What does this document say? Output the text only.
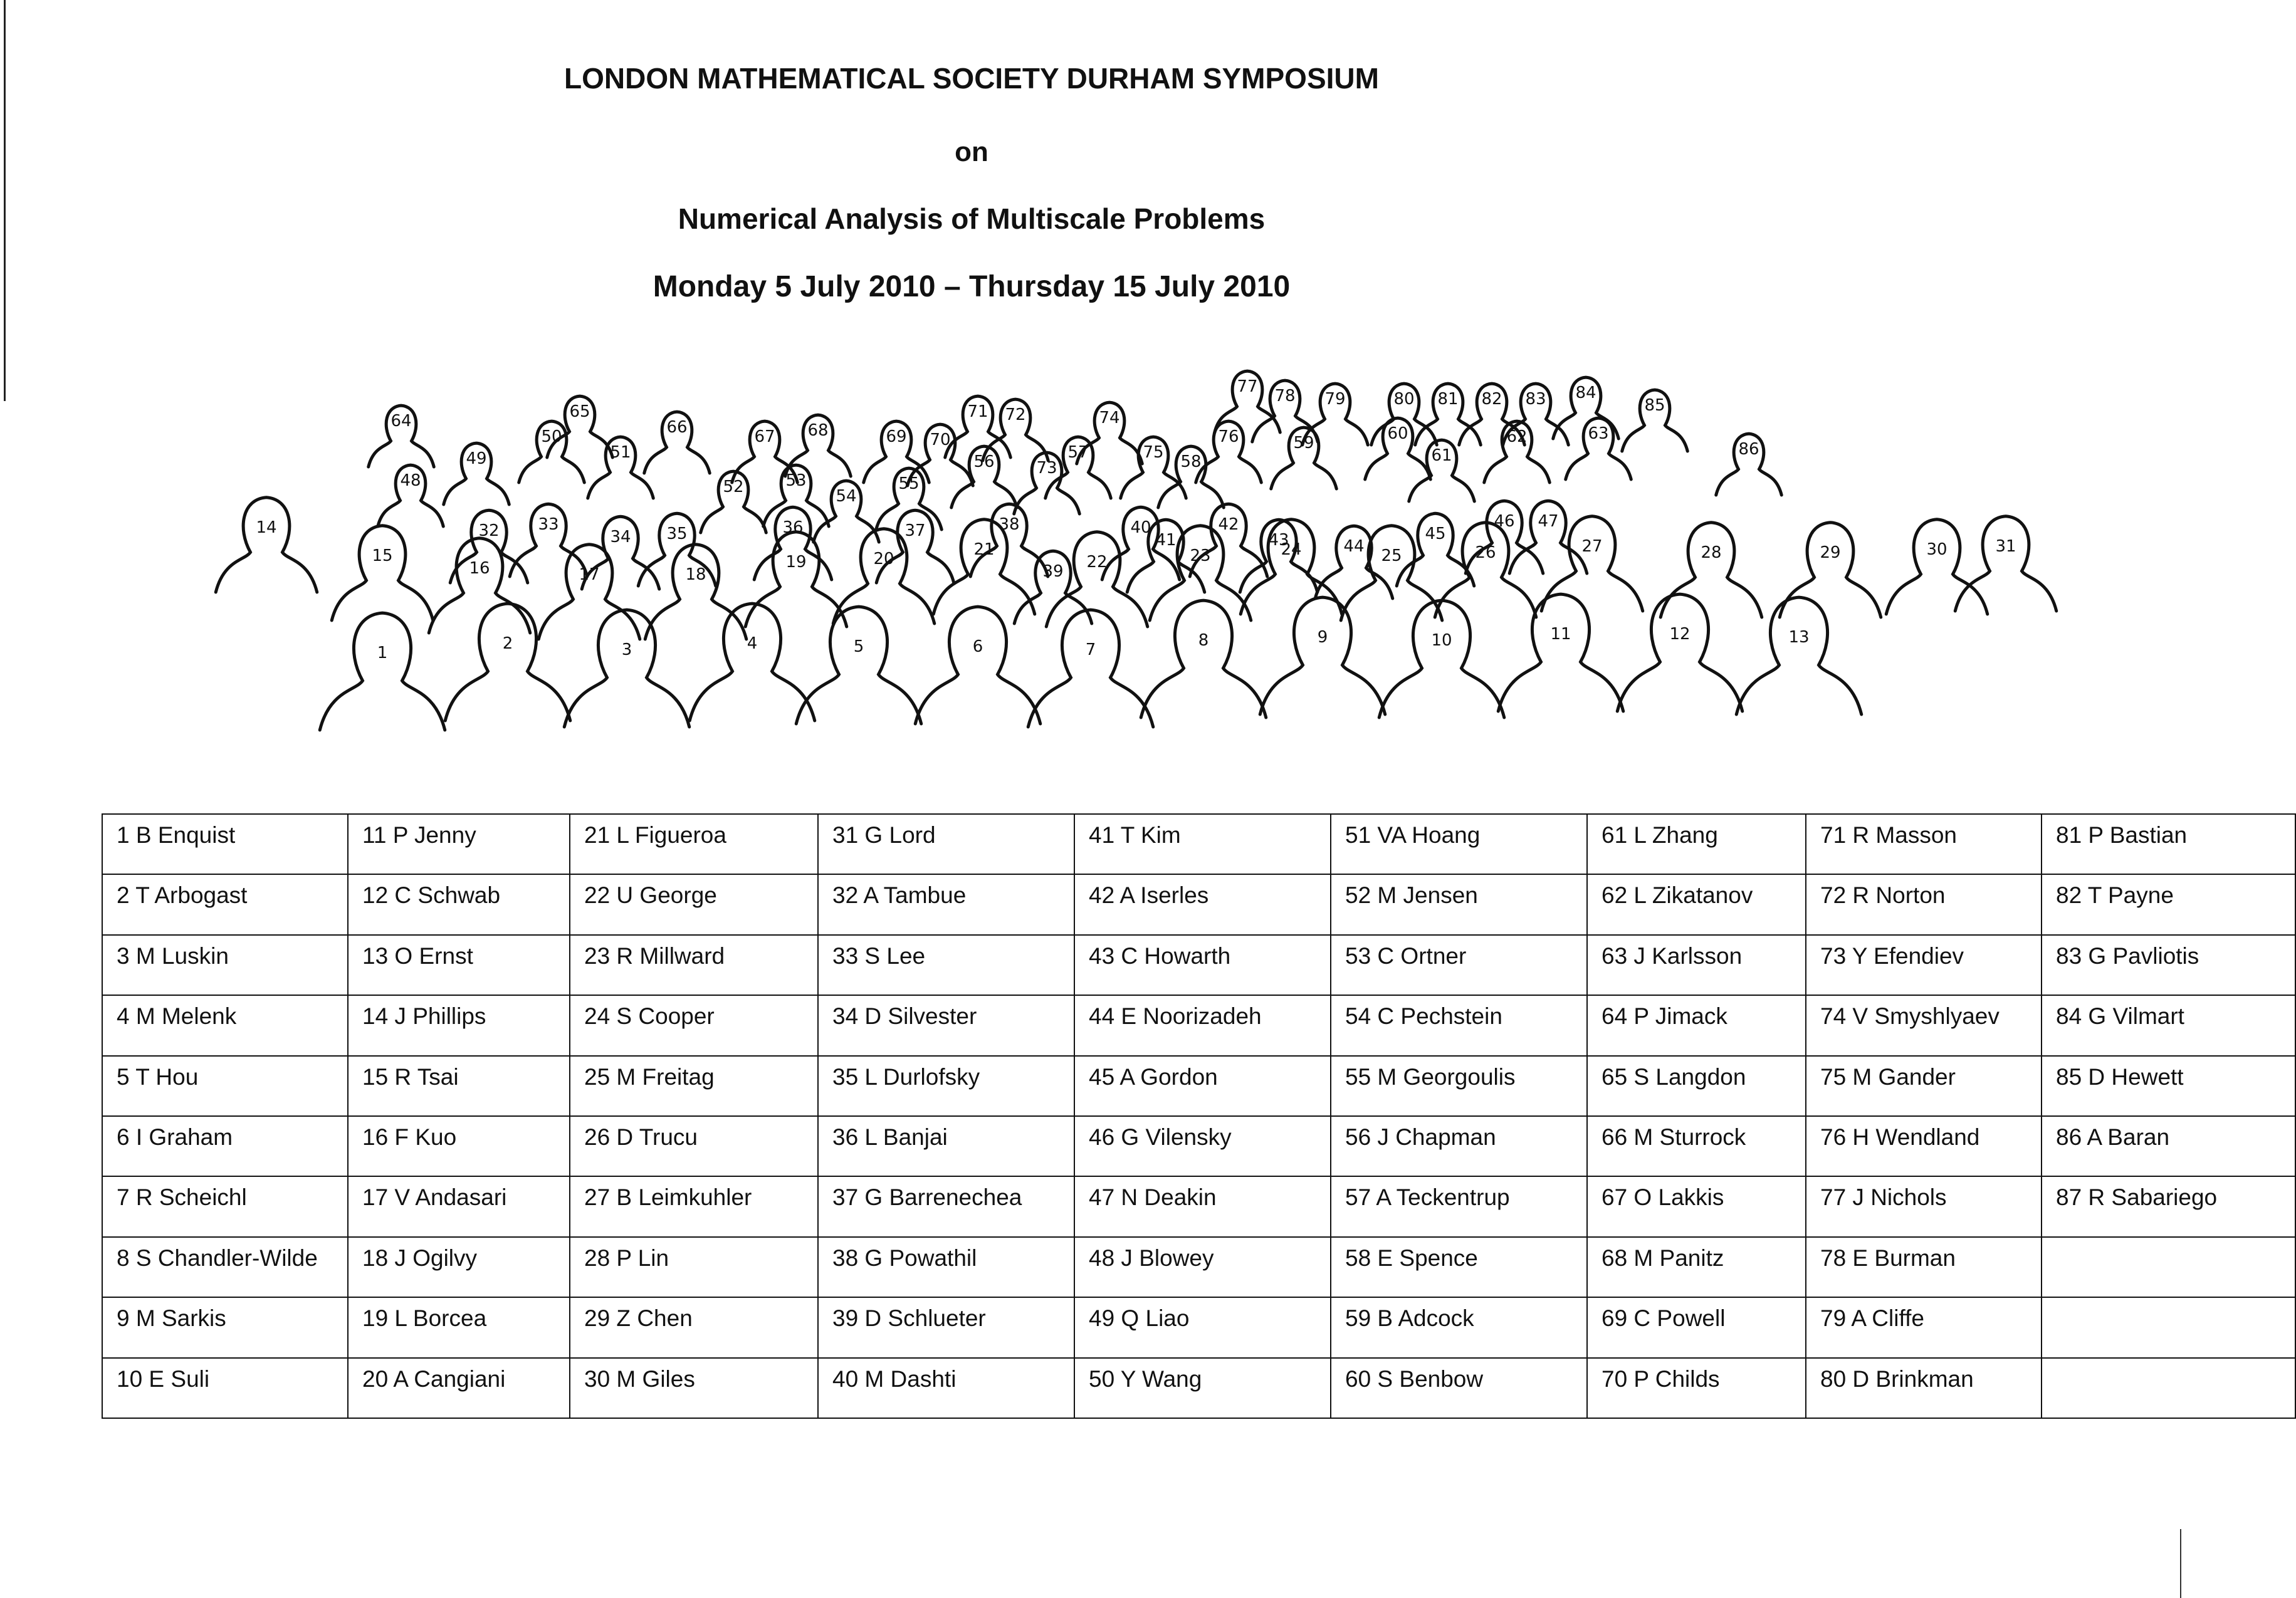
LONDON MATHEMATICAL SOCIETY DURHAM SYMPOSIUM
on
Numerical Analysis of Multiscale Problems
Monday 5 July 2010 – Thursday 15 July 2010
1	2	3	4	5	6	7	8	9	10	11	12	13
14
15
16	17	18
19	20	21
22	23	24	25	26	27	28	29	30	31
32 33
34 35	36	37	38
39
40
41
42
43	44
45
46 47
48
49
50
51
52	53
54
55
56	57	58
59	60
61
62	63
64	65
66	67 68	69 70
71 72
73
74
75
76
77 78 79	80 81 82 83 84
85
86
1 B Enquist	11 P Jenny	21 L Figueroa	31 G Lord	41 T Kim	51 VA Hoang	61 L Zhang	71 R Masson	81 P Bastian
2 T Arbogast	12 C Schwab	22 U George	32 A Tambue	42 A Iserles	52 M Jensen	62 L Zikatanov	72 R Norton	82 T Payne
3 M Luskin	13 O Ernst	23 R Millward	33 S Lee	43 C Howarth	53 C Ortner	63 J Karlsson	73 Y Efendiev	83 G Pavliotis
4 M Melenk	14 J Phillips	24 S Cooper	34 D Silvester	44 E Noorizadeh	54 C Pechstein	64 P Jimack	74 V Smyshlyaev	84 G Vilmart
5 T Hou	15 R Tsai	25 M Freitag	35 L Durlofsky	45 A Gordon	55 M Georgoulis	65 S Langdon	75 M Gander	85 D Hewett
6 I Graham	16 F Kuo	26 D Trucu	36 L Banjai	46 G Vilensky	56 J Chapman	66 M Sturrock	76 H Wendland	86 A Baran
7 R Scheichl	17 V Andasari	27 B Leimkuhler	37 G Barrenechea	47 N Deakin	57 A Teckentrup	67 O Lakkis	77 J Nichols	87 R Sabariego
8 S Chandler-Wilde	18 J Ogilvy	28 P Lin	38 G Powathil	48 J Blowey	58 E Spence	68 M Panitz	78 E Burman	
9 M Sarkis	19 L Borcea	29 Z Chen	39 D Schlueter	49 Q Liao	59 B Adcock	69 C Powell	79 A Cliffe	
10 E Suli	20 A Cangiani	30 M Giles	40 M Dashti	50 Y Wang	60 S Benbow	70 P Childs	80 D Brinkman	
